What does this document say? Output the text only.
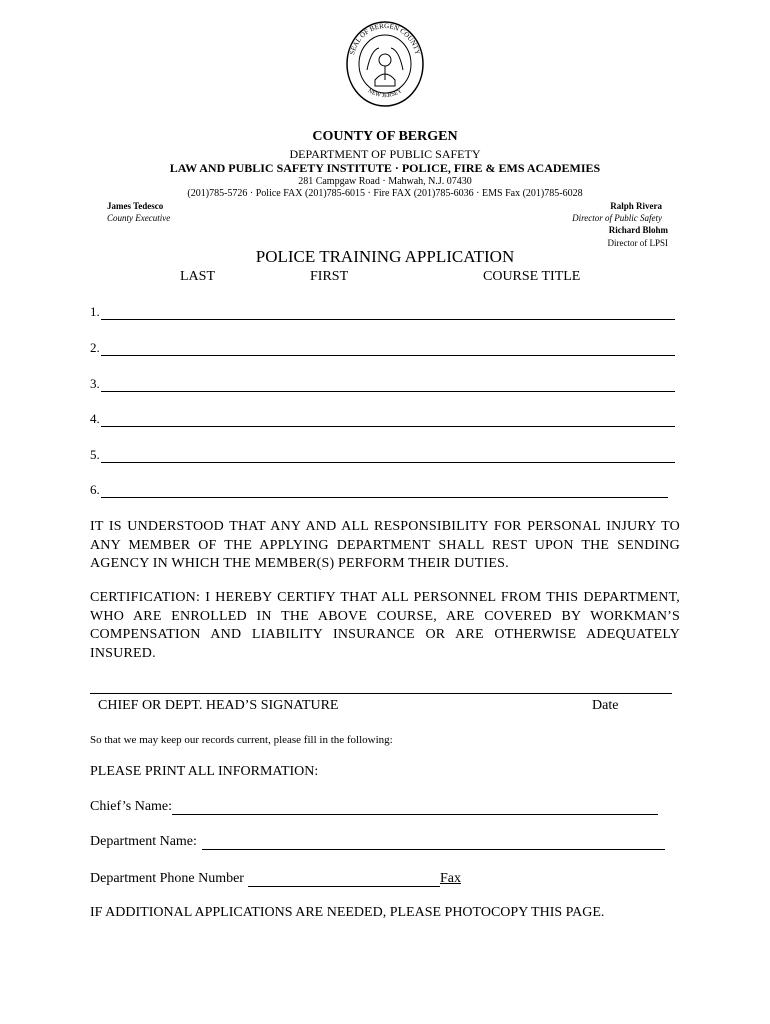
SEAL OF BERGEN COUNTY
NEW JERSEY
COUNTY OF BERGEN
DEPARTMENT OF PUBLIC SAFETY
LAW AND PUBLIC SAFETY INSTITUTE · POLICE, FIRE & EMS ACADEMIES
281 Campgaw Road · Mahwah, N.J. 07430
(201)785-5726 · Police FAX (201)785-6015 · Fire FAX (201)785-6036 · EMS Fax (201)785-6028
James Tedesco
County Executive
Ralph Rivera
Director of Public Safety
Richard Blohm
Director of LPSI
POLICE TRAINING APPLICATION
LAST	FIRST	COURSE TITLE
1.
2.
3.
4.
5.
6.
IT IS UNDERSTOOD THAT ANY AND ALL RESPONSIBILITY FOR PERSONAL INJURY TO ANY MEMBER OF THE APPLYING DEPARTMENT SHALL REST UPON THE SENDING AGENCY IN WHICH THE MEMBER(S) PERFORM THEIR DUTIES.
CERTIFICATION: I HEREBY CERTIFY THAT ALL PERSONNEL FROM THIS DEPARTMENT, WHO ARE ENROLLED IN THE ABOVE COURSE, ARE COVERED BY WORKMAN’S COMPENSATION AND LIABILITY INSURANCE OR ARE OTHERWISE ADEQUATELY INSURED.
CHIEF OR DEPT. HEAD’S SIGNATURE	Date
So that we may keep our records current, please fill in the following:
PLEASE PRINT ALL INFORMATION:
Chief’s Name:
Department Name:
Department Phone Number	Fax
IF ADDITIONAL APPLICATIONS ARE NEEDED, PLEASE PHOTOCOPY THIS PAGE.
